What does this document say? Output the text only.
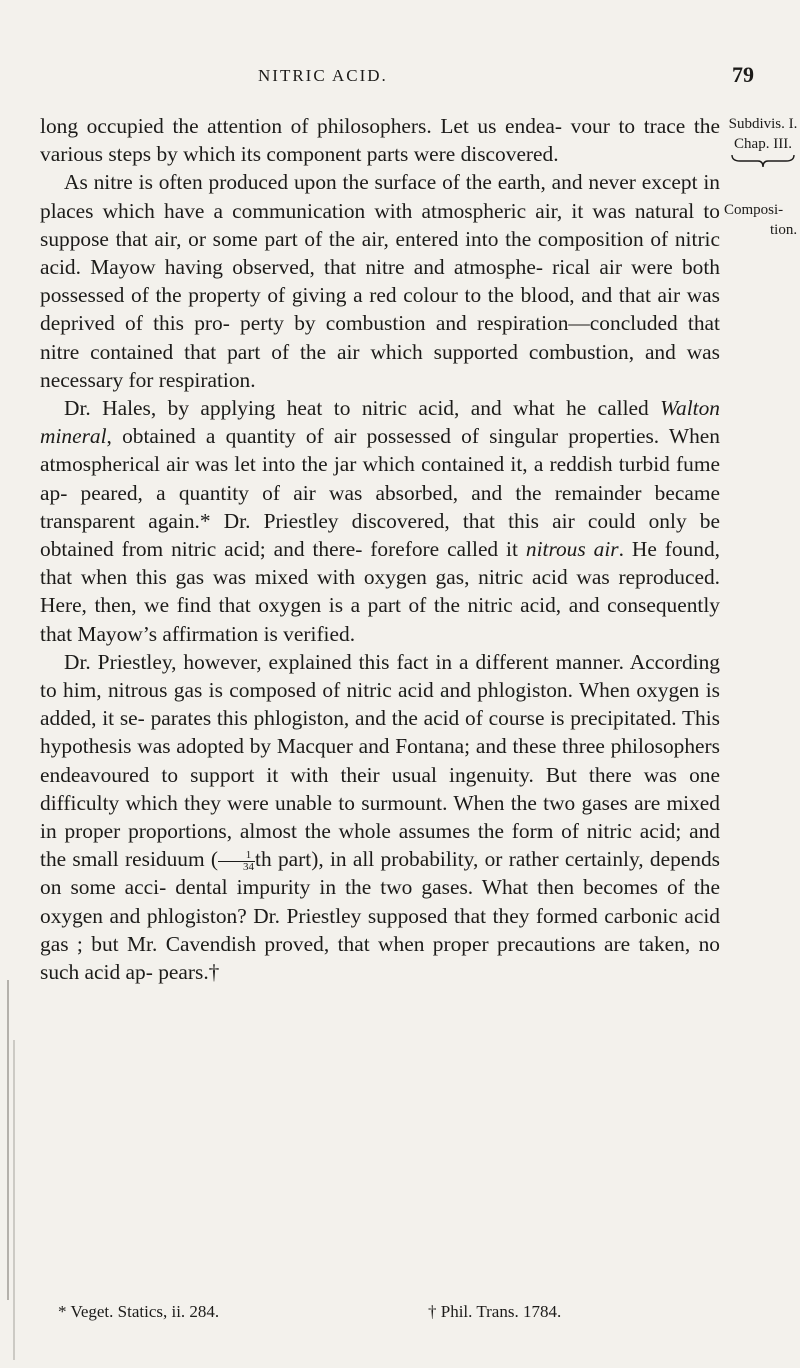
NITRIC ACID.	79
Subdivis. I.
Chap. III.
Composi-
tion.

long occupied the attention of philosophers. Let us endea- vour to trace the various steps by which its component parts were discovered.

As nitre is often produced upon the surface of the earth, and never except in places which have a communication with atmospheric air, it was natural to suppose that air, or some part of the air, entered into the composition of nitric acid. Mayow having observed, that nitre and atmosphe- rical air were both possessed of the property of giving a red colour to the blood, and that air was deprived of this pro- perty by combustion and respiration—concluded that nitre contained that part of the air which supported combustion, and was necessary for respiration.

Dr. Hales, by applying heat to nitric acid, and what he called Walton mineral, obtained a quantity of air possessed of singular properties. When atmospherical air was let into the jar which contained it, a reddish turbid fume ap- peared, a quantity of air was absorbed, and the remainder became transparent again.* Dr. Priestley discovered, that this air could only be obtained from nitric acid; and there- forefore called it nitrous air. He found, that when this gas was mixed with oxygen gas, nitric acid was reproduced. Here, then, we find that oxygen is a part of the nitric acid, and consequently that Mayow’s affirmation is verified.

Dr. Priestley, however, explained this fact in a different manner. According to him, nitrous gas is composed of nitric acid and phlogiston. When oxygen is added, it se- parates this phlogiston, and the acid of course is precipitated. This hypothesis was adopted by Macquer and Fontana; and these three philosophers endeavoured to support it with their usual ingenuity. But there was one difficulty which they were unable to surmount. When the two gases are mixed in proper proportions, almost the whole assumes the form of nitric acid; and the small residuum ( $\frac{1}{34}$ th part), in all probability, or rather certainly, depends on some acci- dental impurity in the two gases. What then becomes of the oxygen and phlogiston? Dr. Priestley supposed that they formed carbonic acid gas ; but Mr. Cavendish proved, that when proper precautions are taken, no such acid ap- pears.†

* Veget. Statics, ii. 284.	† Phil. Trans. 1784.
